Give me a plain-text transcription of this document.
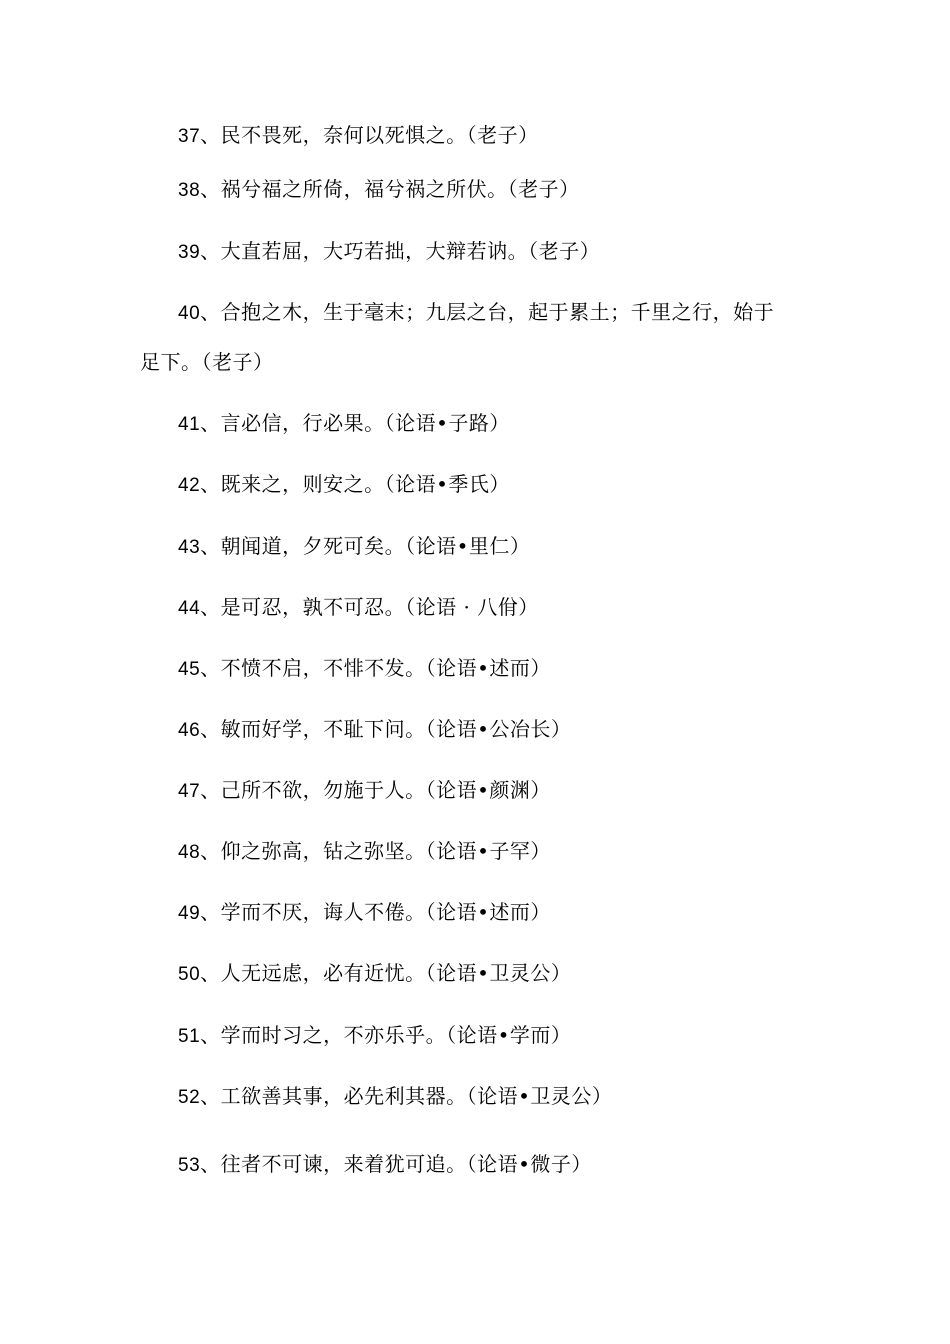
37、民不畏死，奈何以死惧之。（老子）
38、祸兮福之所倚，福兮祸之所伏。（老子）
39、大直若屈，大巧若拙，大辩若讷。（老子）
40、合抱之木，生于毫末；九层之台，起于累土；千里之行，始于
足下。（老子）
41、言必信，行必果。（论语•子路）
42、既来之，则安之。（论语•季氏）
43、朝闻道，夕死可矣。（论语•里仁）
44、是可忍，孰不可忍。（论语 · 八佾）
45、不愤不启，不悱不发。（论语•述而）
46、敏而好学，不耻下问。（论语•公冶长）
47、己所不欲，勿施于人。（论语•颜渊）
48、仰之弥高，钻之弥坚。（论语•子罕）
49、学而不厌，诲人不倦。（论语•述而）
50、人无远虑，必有近忧。（论语•卫灵公）
51、学而时习之，不亦乐乎。（论语•学而）
52、工欲善其事，必先利其器。（论语•卫灵公）
53、往者不可谏，来着犹可追。（论语•微子）
